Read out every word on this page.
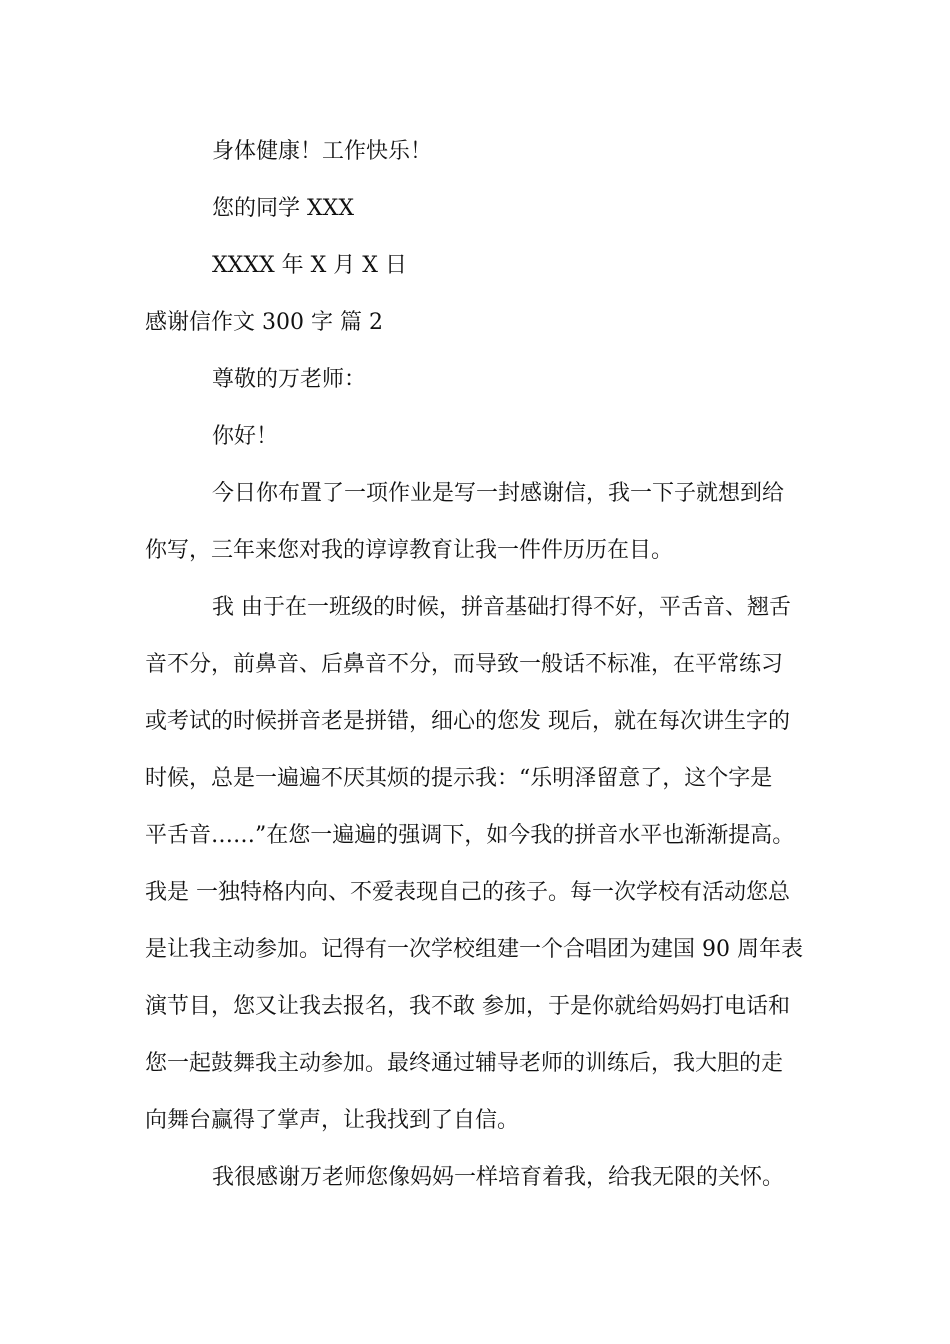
身体健康！工作快乐！
您的同学 XXX
XXXX 年 X 月 X 日
感谢信作文 300 字 篇 2
尊敬的万老师：
你好！
今日你布置了一项作业是写一封感谢信，我一下子就想到给
你写，三年来您对我的谆谆教育让我一件件历历在目。
我 由于在一班级的时候，拼音基础打得不好，平舌音、翘舌
音不分，前鼻音、后鼻音不分，而导致一般话不标准，在平常练习
或考试的时候拼音老是拼错，细心的您发 现后，就在每次讲生字的
时候，总是一遍遍不厌其烦的提示我：“乐明泽留意了，这个字是
平舌音……”在您一遍遍的强调下，如今我的拼音水平也渐渐提高。
我是 一独特格内向、不爱表现自己的孩子。每一次学校有活动您总
是让我主动参加。记得有一次学校组建一个合唱团为建国 90 周年表
演节目，您又让我去报名，我不敢 参加，于是你就给妈妈打电话和
您一起鼓舞我主动参加。最终通过辅导老师的训练后，我大胆的走
向舞台赢得了掌声，让我找到了自信。
我很感谢万老师您像妈妈一样培育着我，给我无限的关怀。
